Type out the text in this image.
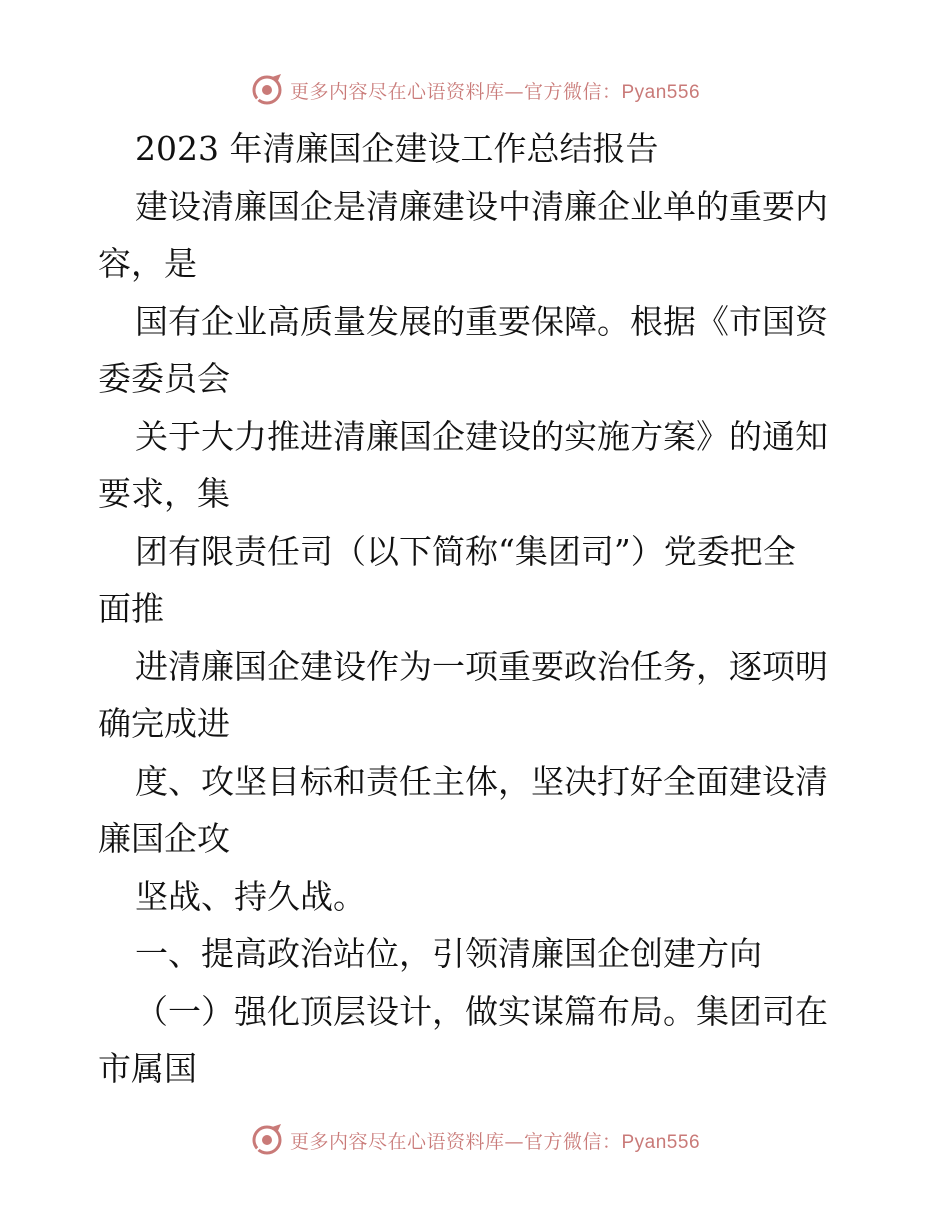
更多内容尽在心语资料库—官方微信：Pyan556
2023 年清廉国企建设工作总结报告
建设清廉国企是清廉建设中清廉企业单的重要内
容，是
国有企业高质量发展的重要保障。根据《市国资
委委员会
关于大力推进清廉国企建设的实施方案》的通知
要求，集
团有限责任司（以下简称“集团司”）党委把全
面推
进清廉国企建设作为一项重要政治任务，逐项明
确完成进
度、攻坚目标和责任主体，坚决打好全面建设清
廉国企攻
坚战、持久战。
一、提高政治站位，引领清廉国企创建方向
（一）强化顶层设计，做实谋篇布局。集团司在
市属国
更多内容尽在心语资料库—官方微信：Pyan556
